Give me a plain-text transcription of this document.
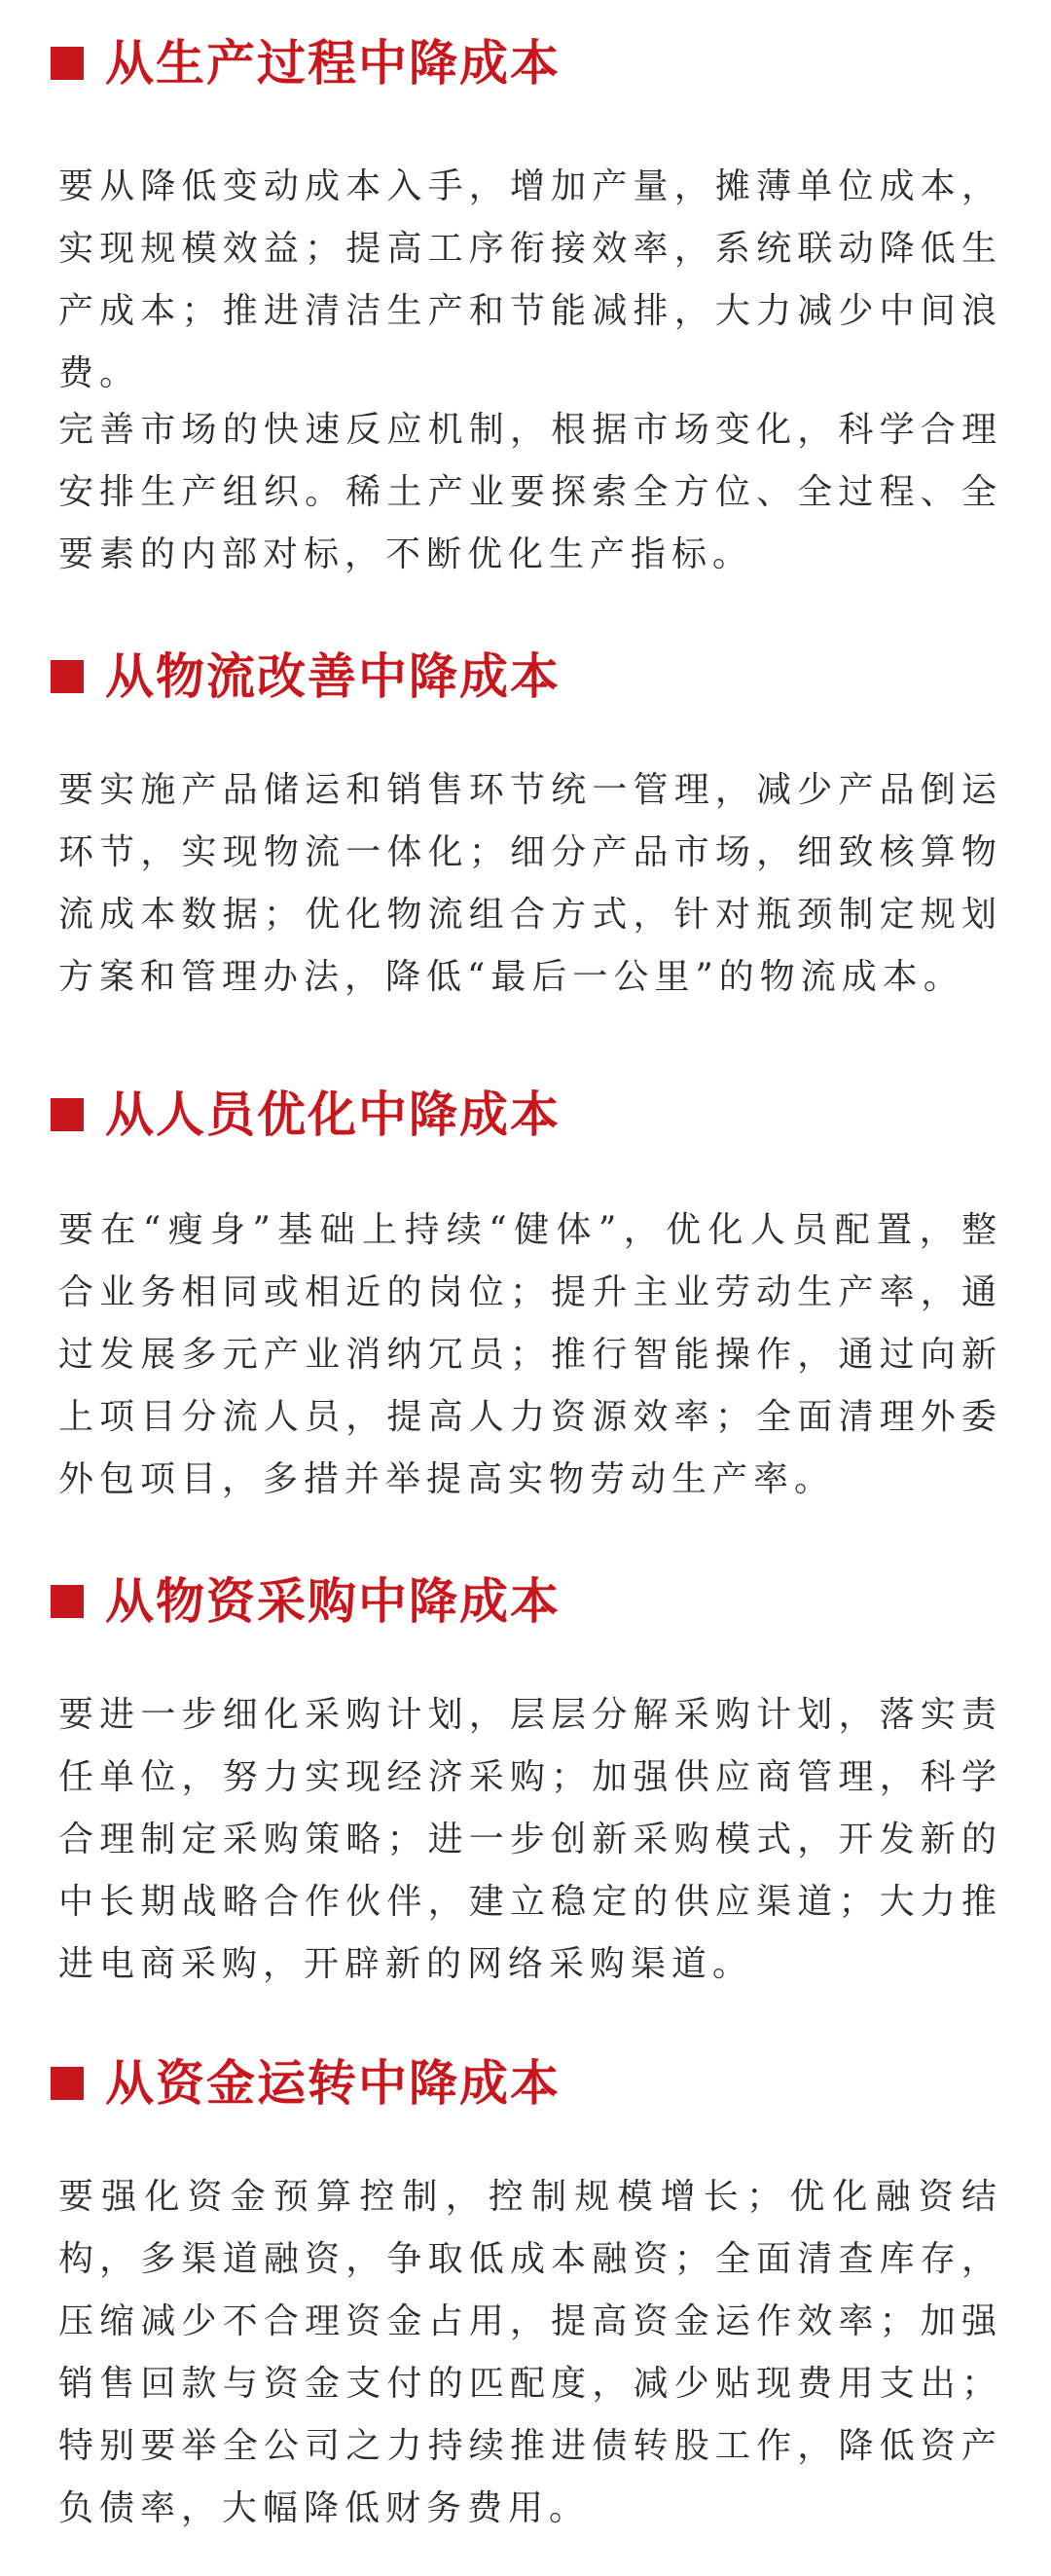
从生产过程中降成本

要从降低变动成本入手，增加产量，摊薄单位成本，实现规模效益；提高工序衔接效率，系统联动降低生产成本；推进清洁生产和节能减排，大力减少中间浪费。

完善市场的快速反应机制，根据市场变化，科学合理安排生产组织。稀土产业要探索全方位、全过程、全要素的内部对标，不断优化生产指标。

从物流改善中降成本

要实施产品储运和销售环节统一管理，减少产品倒运环节，实现物流一体化；细分产品市场，细致核算物流成本数据；优化物流组合方式，针对瓶颈制定规划方案和管理办法，降低“最后一公里”的物流成本。

从人员优化中降成本

要在“瘦身”基础上持续“健体”，优化人员配置，整合业务相同或相近的岗位；提升主业劳动生产率，通过发展多元产业消纳冗员；推行智能操作，通过向新上项目分流人员，提高人力资源效率；全面清理外委外包项目，多措并举提高实物劳动生产率。

从物资采购中降成本

要进一步细化采购计划，层层分解采购计划，落实责任单位，努力实现经济采购；加强供应商管理，科学合理制定采购策略；进一步创新采购模式，开发新的中长期战略合作伙伴，建立稳定的供应渠道；大力推进电商采购，开辟新的网络采购渠道。

从资金运转中降成本

要强化资金预算控制，控制规模增长；优化融资结构，多渠道融资，争取低成本融资；全面清查库存，压缩减少不合理资金占用，提高资金运作效率；加强销售回款与资金支付的匹配度，减少贴现费用支出；特别要举全公司之力持续推进债转股工作，降低资产负债率，大幅降低财务费用。
